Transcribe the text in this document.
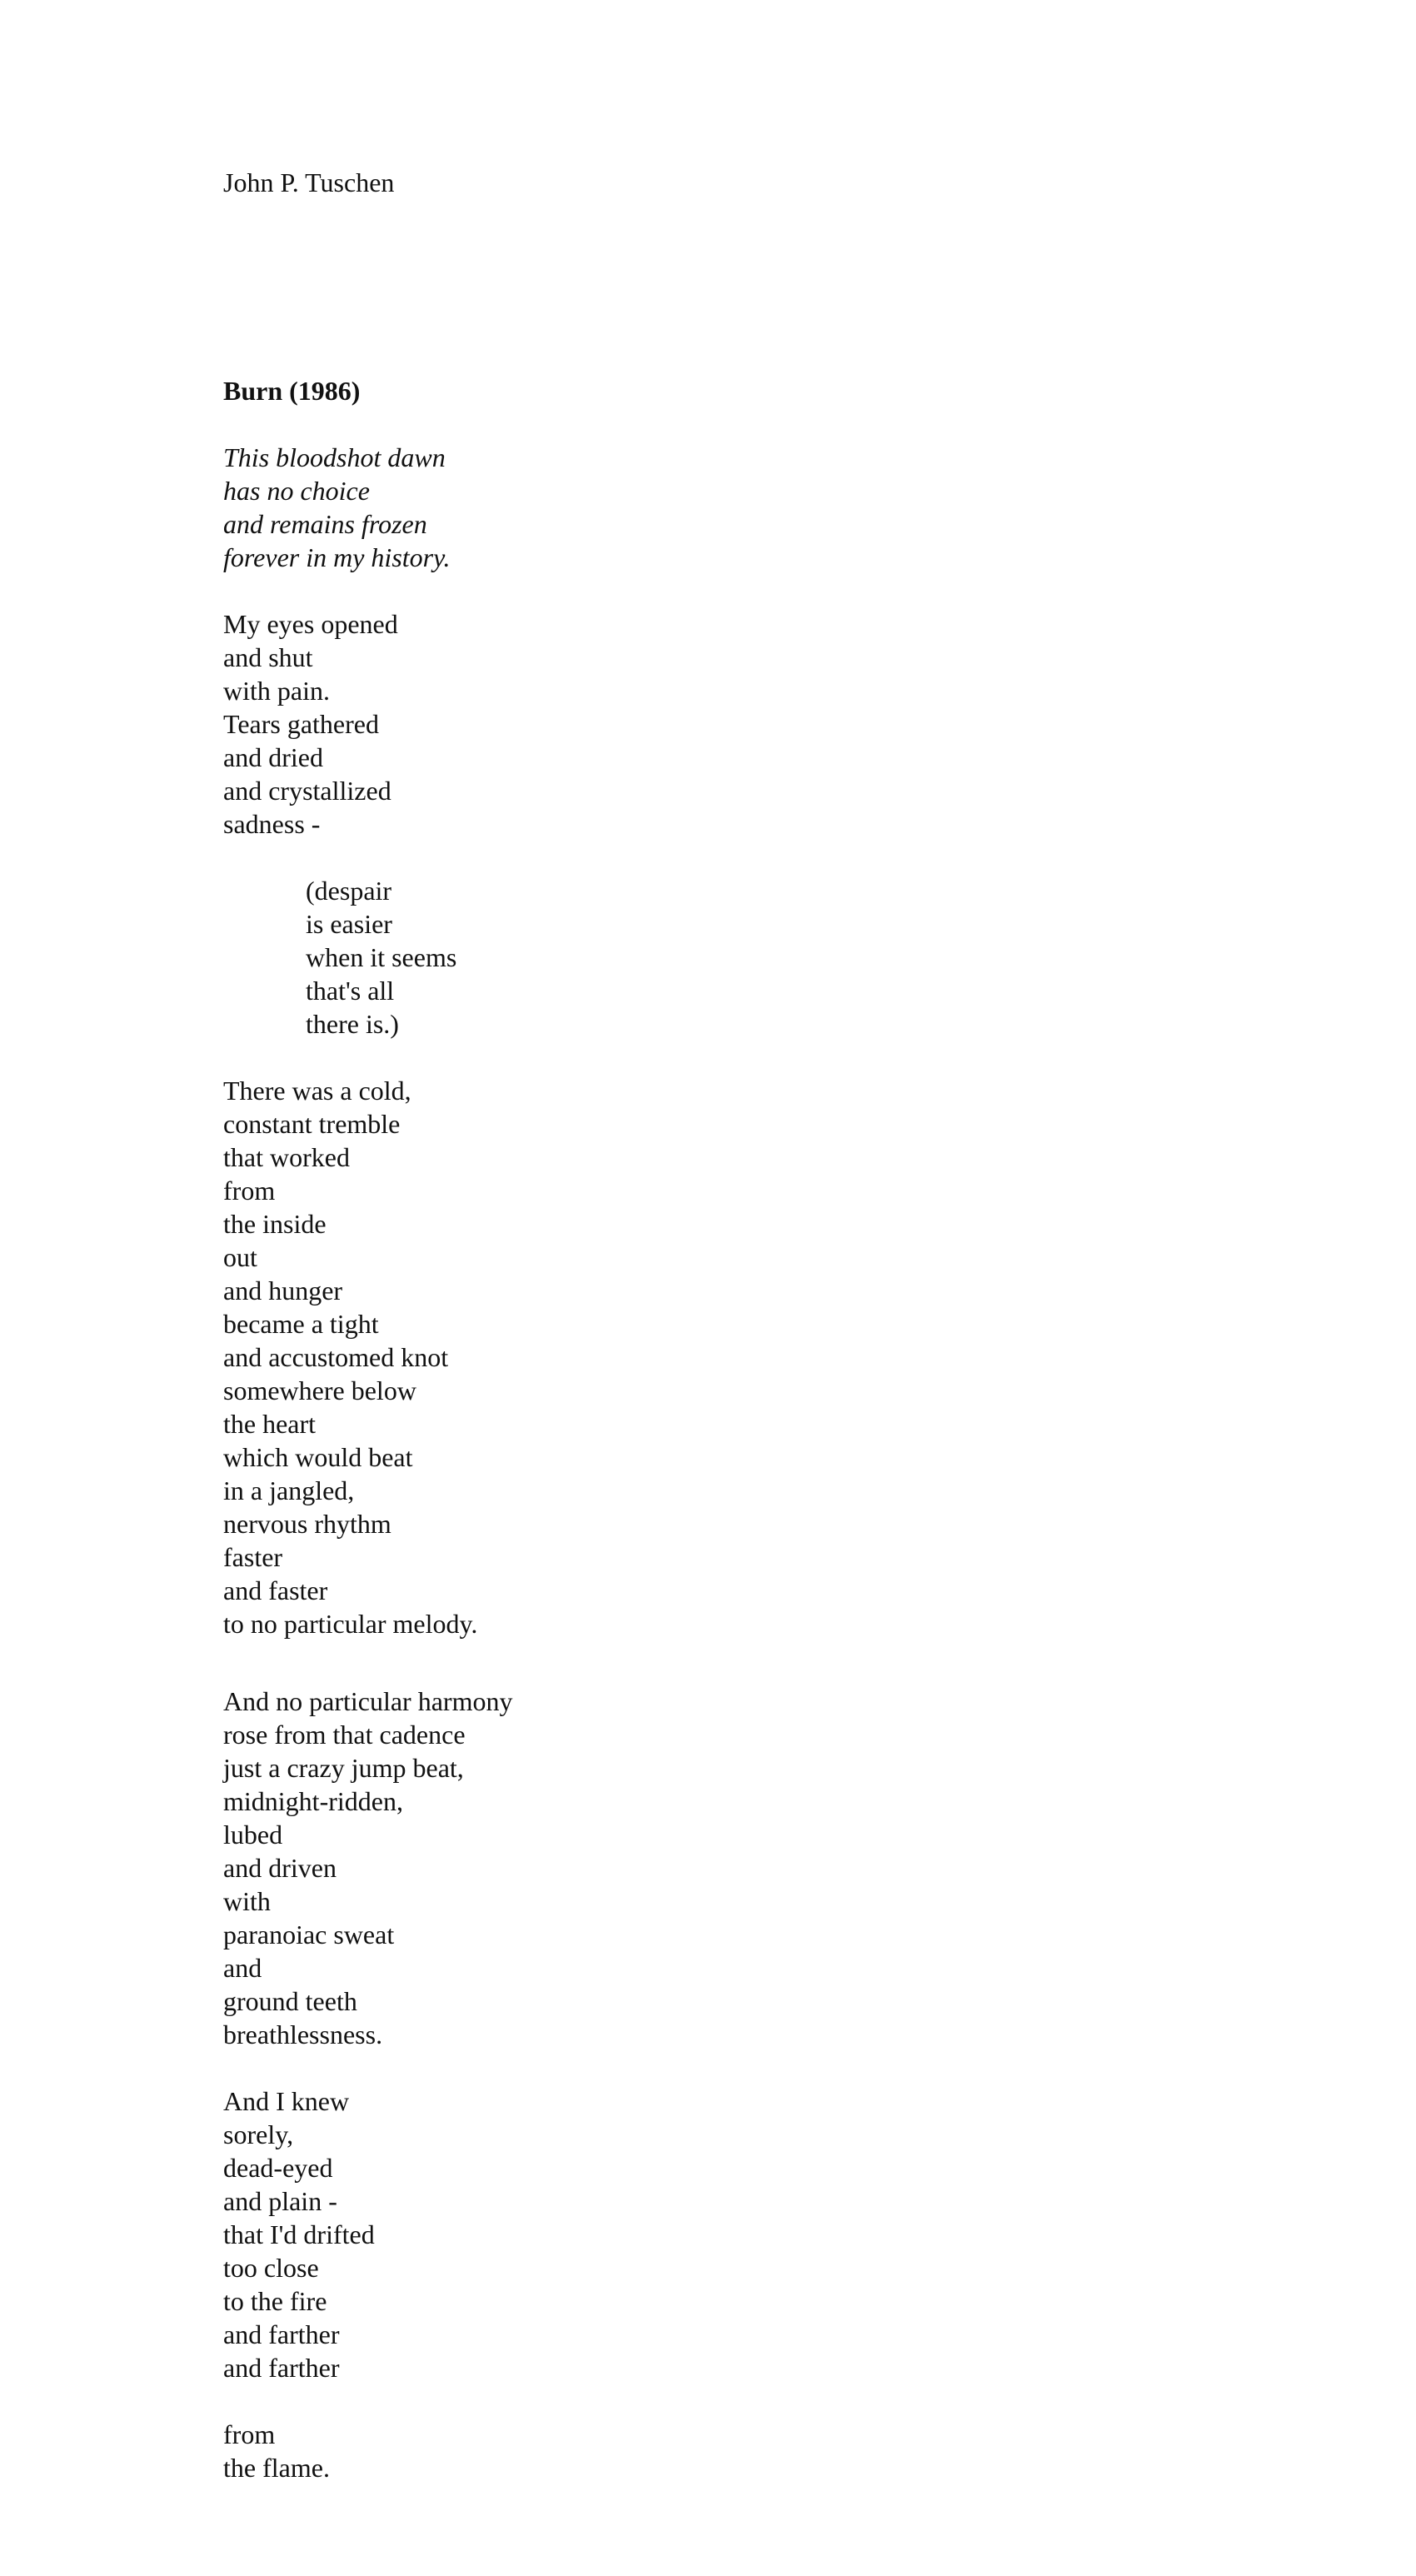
John P. Tuschen

Burn (1986)

This bloodshot dawn
has no choice
and remains frozen
forever in my history.
My eyes opened
and shut
with pain.
Tears gathered
and dried
and crystallized
sadness -
(despair
is easier
when it seems
that's all
there is.)
There was a cold,
constant tremble
that worked
from
the inside
out
and hunger
became a tight
and accustomed knot
somewhere below
the heart
which would beat
in a jangled,
nervous rhythm
faster
and faster
to no particular melody.
And no particular harmony
rose from that cadence
just a crazy jump beat,
midnight-ridden,
lubed
and driven
with
paranoiac sweat
and
ground teeth
breathlessness.
And I knew
sorely,
dead-eyed
and plain -
that I'd drifted
too close
to the fire
and farther
and farther
from
the flame.
